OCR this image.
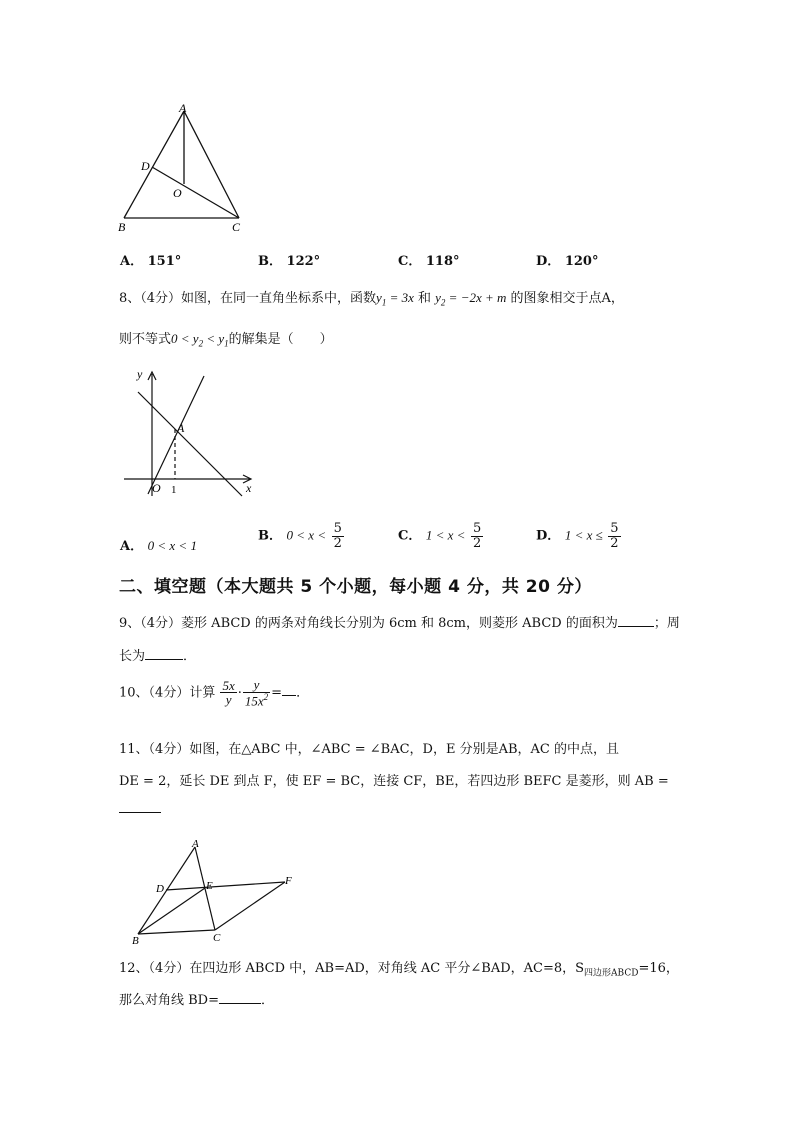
A
D
O
B	C
A． 151°	B． 122°	C． 118°	D． 120°
8、（4分）如图，在同一直角坐标系中，函数$y_1 = 3x$ 和 $y_2 = -2x + m$ 的图象相交于点A，
则不等式$0 < y_2 < y_1$的解集是（　　）
y
x
A
O 1
A． 0 < x < 1
B． $0 < x < \frac{5}{2}$	C． $1 < x < \frac{5}{2}$	D． $1 < x \le \frac{5}{2}$
二、填空题（本大题共 5 个小题，每小题 4 分，共 20 分）
9、（4分）菱形 ABCD 的两条对角线长分别为 6cm 和 8cm，则菱形 ABCD 的面积为	；周
长为	．
10、（4分）计算 $\frac{5x}{y} \cdot \frac{y}{15x^2}$ = ．
11、（4分）如图，在△ABC 中，∠ABC = ∠BAC，D，E 分别是AB，AC 的中点，且
DE = 2，延长 DE 到点 F，使 EF = BC，连接 CF，BE，若四边形 BEFC 是菱形，则 AB =
A
D	E	F
B	C
12、（4分）在四边形 ABCD 中，AB=AD，对角线 AC 平分∠BAD，AC=8，$S_{四边形ABCD}=16$，
那么对角线 BD=	．
